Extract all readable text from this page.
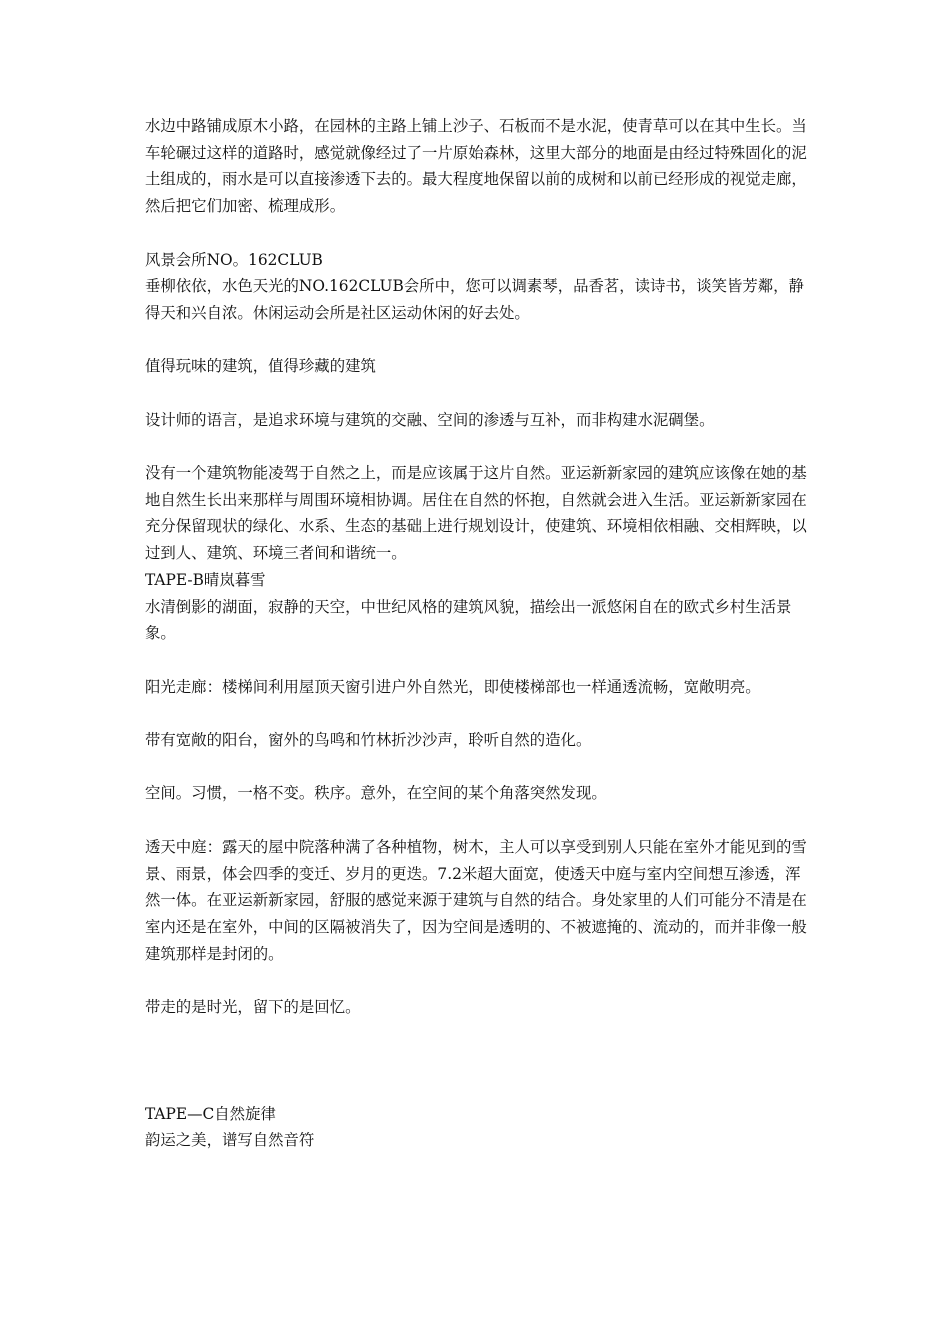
水边中路铺成原木小路，在园林的主路上铺上沙子、石板而不是水泥，使青草可以在其中生长。当车轮碾过这样的道路时，感觉就像经过了一片原始森林，这里大部分的地面是由经过特殊固化的泥土组成的，雨水是可以直接渗透下去的。最大程度地保留以前的成树和以前已经形成的视觉走廊，然后把它们加密、梳理成形。

风景会所NO。162CLUB

垂柳依依，水色天光的NO.162CLUB会所中，您可以调素琴，品香茗，读诗书，谈笑皆芳鄰，静得天和兴自浓。休闲运动会所是社区运动休闲的好去处。

值得玩味的建筑，值得珍藏的建筑

设计师的语言，是追求环境与建筑的交融、空间的渗透与互补，而非构建水泥碉堡。

没有一个建筑物能凌驾于自然之上，而是应该属于这片自然。亚运新新家园的建筑应该像在她的基地自然生长出来那样与周围环境相协调。居住在自然的怀抱，自然就会进入生活。亚运新新家园在充分保留现状的绿化、水系、生态的基础上进行规划设计，使建筑、环境相依相融、交相辉映，以过到人、建筑、环境三者间和谐统一。

TAPE-B晴岚暮雪

水清倒影的湖面，寂静的天空，中世纪风格的建筑风貌，描绘出一派悠闲自在的欧式乡村生活景象。

阳光走廊：楼梯间利用屋顶天窗引进户外自然光，即使楼梯部也一样通透流畅，宽敞明亮。

带有宽敞的阳台，窗外的鸟鸣和竹林折沙沙声，聆听自然的造化。

空间。习惯，一格不变。秩序。意外，在空间的某个角落突然发现。

透天中庭：露天的屋中院落种满了各种植物，树木，主人可以享受到别人只能在室外才能见到的雪景、雨景，体会四季的变迁、岁月的更迭。7.2米超大面宽，使透天中庭与室内空间想互渗透，浑然一体。在亚运新新家园，舒服的感觉来源于建筑与自然的结合。身处家里的人们可能分不清是在室内还是在室外，中间的区隔被消失了，因为空间是透明的、不被遮掩的、流动的，而并非像一般建筑那样是封闭的。

带走的是时光，留下的是回忆。

TAPE—C自然旋律

韵运之美，谱写自然音符
